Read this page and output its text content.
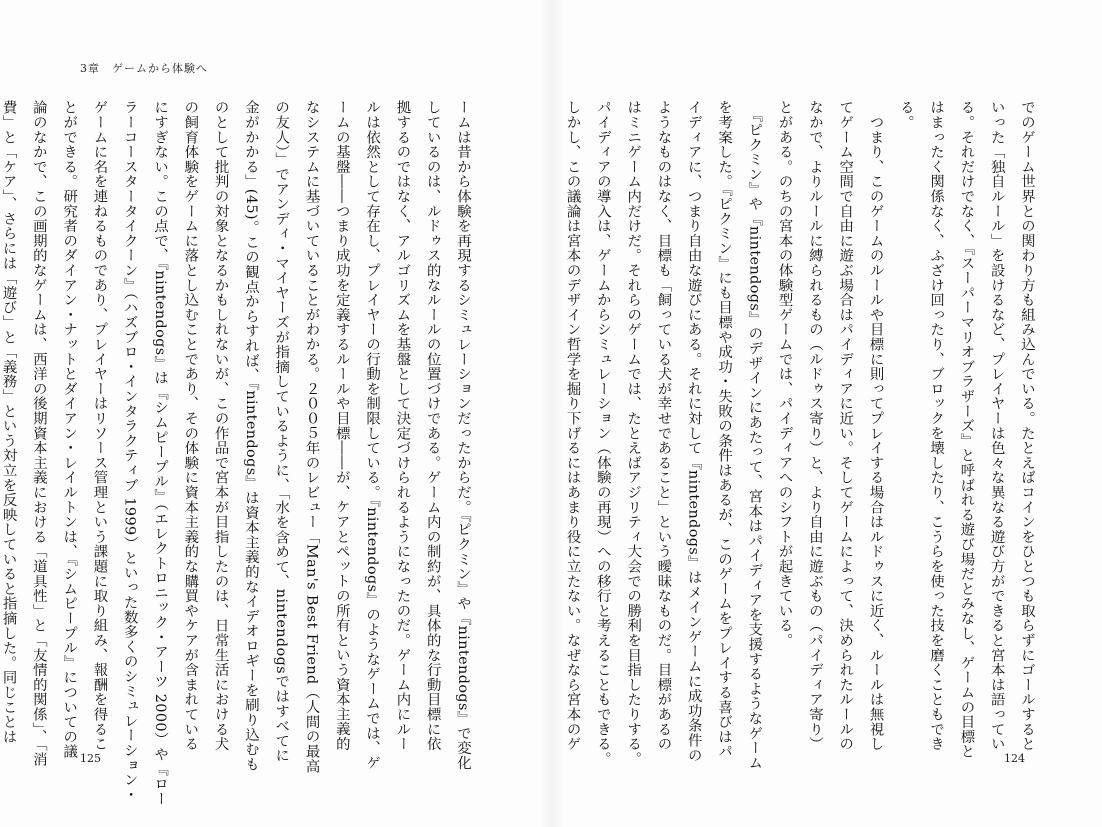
3章　ゲームから体験へ
ームは昔から体験を再現するシミュレーションだったからだ。『ピクミン』や『nintendogs』で変化
しているのは、ルドゥス的なルールの位置づけである。ゲーム内の制約が、具体的な行動目標に依
拠するのではなく、アルゴリズムを基盤として決定づけられるようになったのだ。ゲーム内にルー
ルは依然として存在し、プレイヤーの行動を制限している。『nintendogs』のようなゲームでは、ゲ
ームの基盤――つまり成功を定義するルールや目標――が、ケアとペットの所有という資本主義的
なシステムに基づいていることがわかる。２００５年のレビュー「Man's Best Friend（人間の最高
の友人）」でアンディ・マイヤーズが指摘しているように、「水を含めて、nintendogsではすべてに
金がかかる」(45)。この観点からすれば、『nintendogs』は資本主義的なイデオロギーを刷り込むも
のとして批判の対象となるかもしれないが、この作品で宮本が目指したのは、日常生活における犬
の飼育体験をゲームに落とし込むことであり、その体験に資本主義的な購買やケアが含まれている
にすぎない。この点で、『nintendogs』は『シムピープル』（エレクトロニック・アーツ 2000）や『ロー
ラーコースタータイクーン』（ハズブロ・インタラクティブ 1999）といった数多くのシミュレーション・
ゲームに名を連ねるものであり、プレイヤーはリソース管理という課題に取り組み、報酬を得るこ
とができる。研究者のダイアン・ナットとダイアン・レイルトンは、『シムピープル』についての議
論のなかで、この画期的なゲームは、西洋の後期資本主義における「道具性」と「友情的関係」、「消
費」と「ケア」、さらには「遊び」と「義務」という対立を反映していると指摘した。同じことは	でのゲーム世界との関わり方も組み込んでいる。たとえばコインをひとつも取らずにゴールすると
いった「独自ルール」を設けるなど、プレイヤーは色々な異なる遊び方ができると宮本は語ってい
る。それだけでなく、『スーパーマリオブラザーズ』と呼ばれる遊び場だとみなし、ゲームの目標と
はまったく関係なく、ふざけ回ったり、ブロックを壊したり、こうらを使った技を磨くこともでき
る。
　つまり、このゲームのルールや目標に則ってプレイする場合はルドゥスに近く、ルールは無視し
てゲーム空間で自由に遊ぶ場合はパイディアに近い。そしてゲームによって、決められたルールの
なかで、よりルールに縛られるもの（ルドゥス寄り）と、より自由に遊ぶもの（パイディア寄り）
とがある。のちの宮本の体験型ゲームでは、パイディアへのシフトが起きている。
　『ピクミン』や『nintendogs』のデザインにあたって、宮本はパイディアを支援するようなゲーム
を考案した。『ピクミン』にも目標や成功・失敗の条件はあるが、このゲームをプレイする喜びはパ
イディアに、つまり自由な遊びにある。それに対して『nintendogs』はメインゲームに成功条件の
ようなものはなく、目標も「飼っている犬が幸せであること」という曖昧なものだ。目標があるの
はミニゲーム内だけだ。それらのゲームでは、たとえばアジリティ大会での勝利を目指したりする。
パイディアの導入は、ゲームからシミュレーション（体験の再現）への移行と考えることもできる。
しかし、この議論は宮本のデザイン哲学を掘り下げるにはあまり役に立たない。なぜなら宮本のゲ
125	124
